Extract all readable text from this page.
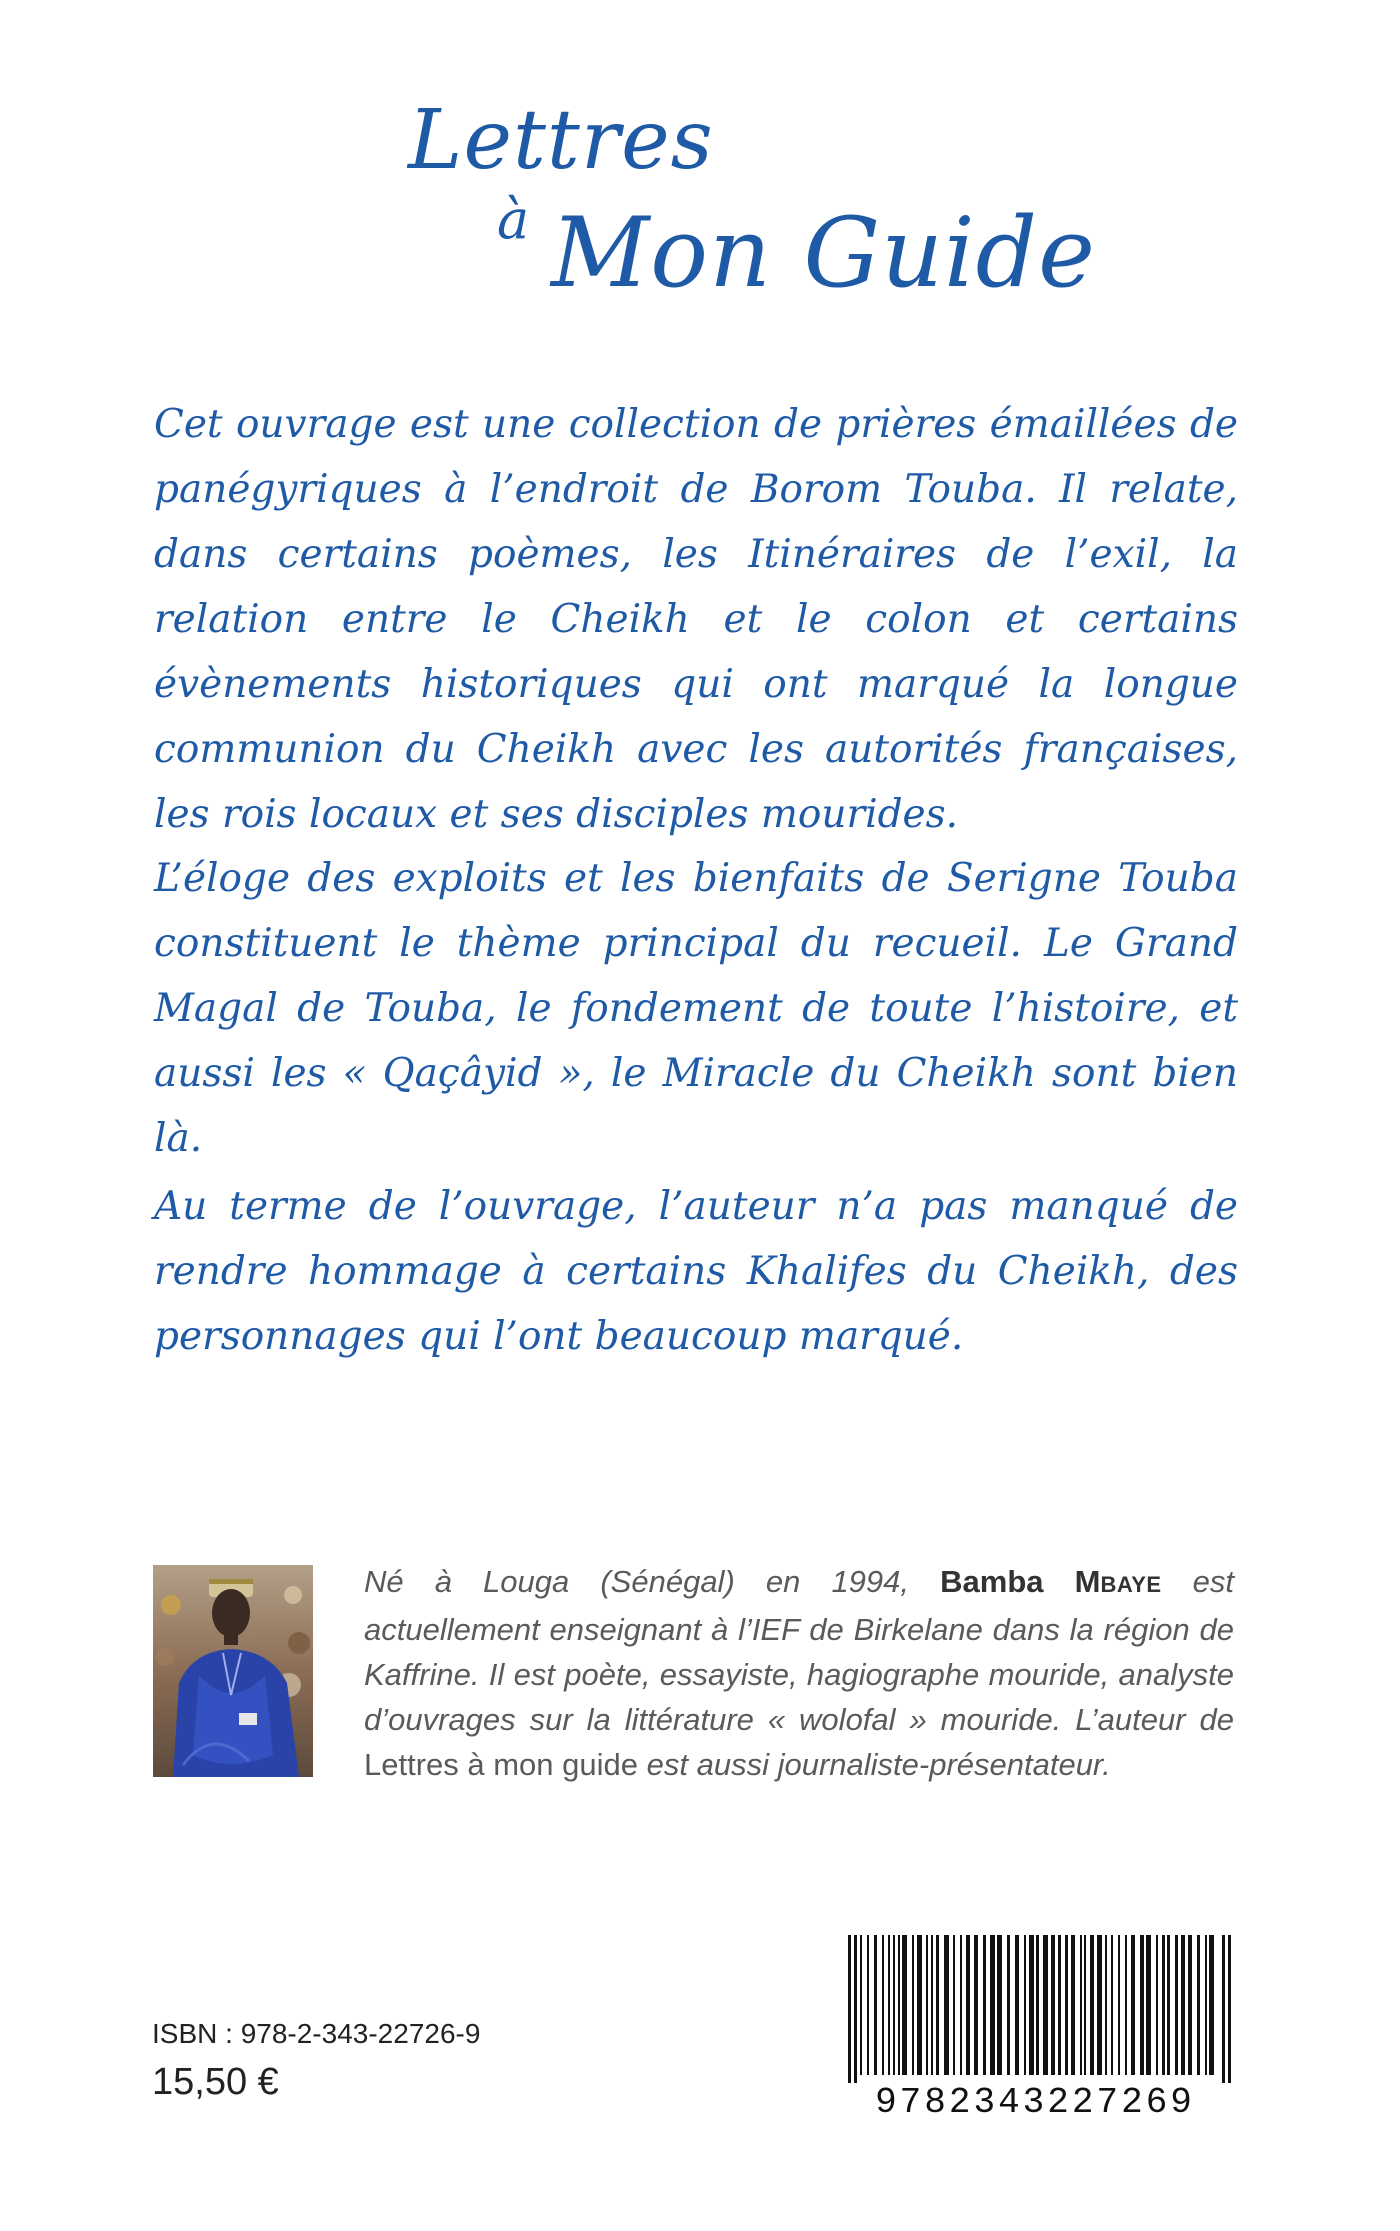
Lettres
à Mon Guide

Cet ouvrage est une collection de prières émaillées de panégyriques à l’endroit de Borom Touba. Il relate, dans certains poèmes, les Itinéraires de l’exil, la relation entre le Cheikh et le colon et certains évènements historiques qui ont marqué la longue communion du Cheikh avec les autorités françaises, les rois locaux et ses disciples mourides.

L’éloge des exploits et les bienfaits de Serigne Touba constituent le thème principal du recueil. Le Grand Magal de Touba, le fondement de toute l’histoire, et aussi les « Qaçâyid », le Miracle du Cheikh sont bien là.

Au terme de l’ouvrage, l’auteur n’a pas manqué de rendre hommage à certains Khalifes du Cheikh, des personnages qui l’ont beaucoup marqué.

Né à Louga (Sénégal) en 1994, Bamba MBAYE est actuellement enseignant à l’IEF de Birkelane dans la région de Kaffrine. Il est poète, essayiste, hagiographe mouride, analyste d’ouvrages sur la littérature « wolofal » mouride. L’auteur de Lettres à mon guide est aussi journaliste-présentateur.

ISBN : 978-2-343-22726-9
15,50 €	9782343227269
